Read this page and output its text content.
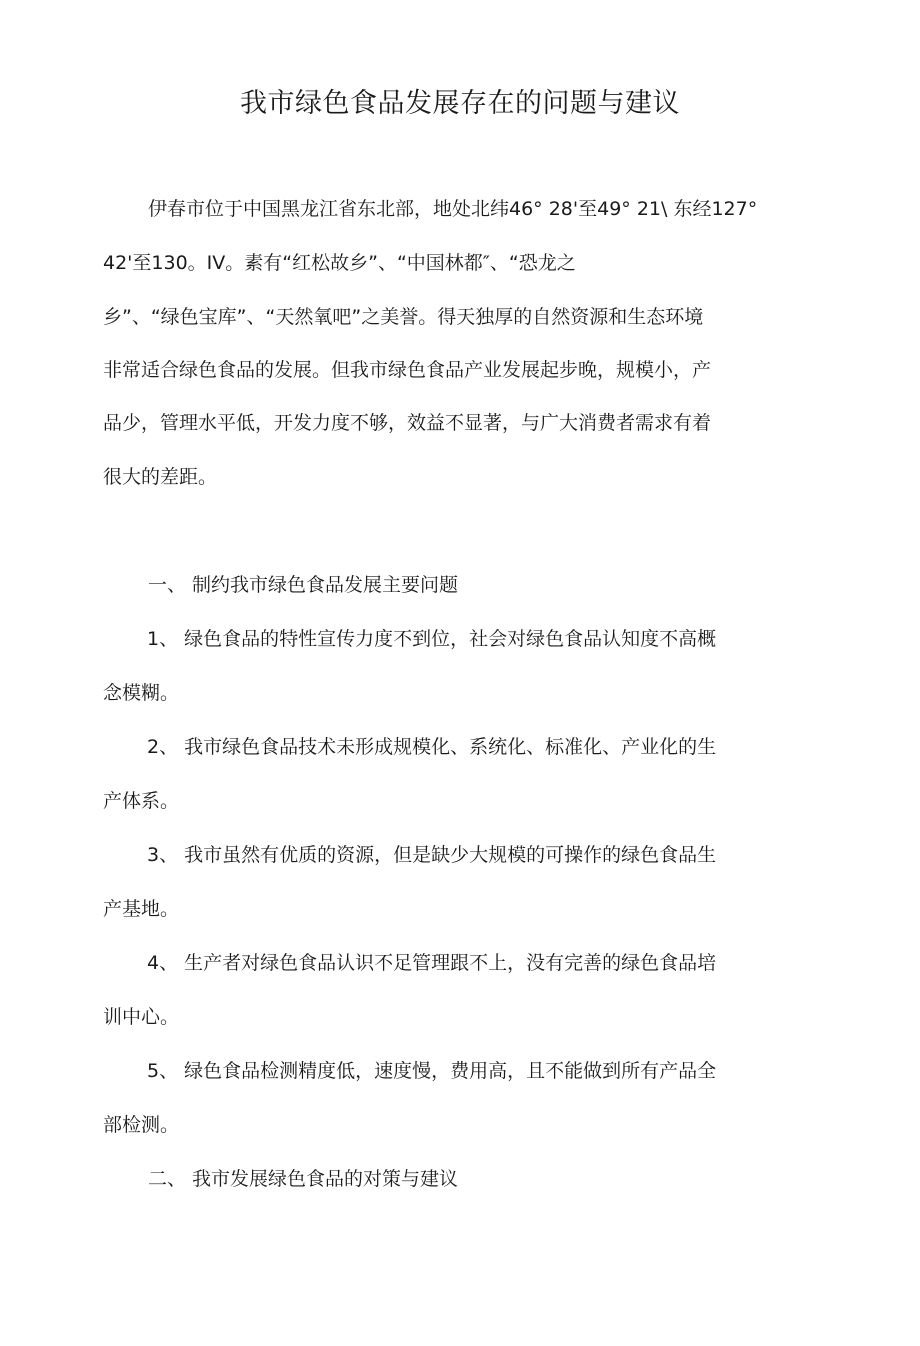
我市绿色食品发展存在的问题与建议
伊春市位于中国黑龙江省东北部，地处北纬46° 28'至49° 21\ 东经127°
42'至130。IV。素有“红松故乡”、“中国林都″、“恐龙之
乡”、“绿色宝库”、“天然氧吧”之美誉。得天独厚的自然资源和生态环境
非常适合绿色食品的发展。但我市绿色食品产业发展起步晚，规模小，产
品少，管理水平低，开发力度不够，效益不显著，与广大消费者需求有着
很大的差距。
一、 制约我市绿色食品发展主要问题
1、 绿色食品的特性宣传力度不到位，社会对绿色食品认知度不高概
念模糊。
2、 我市绿色食品技术未形成规模化、系统化、标准化、产业化的生
产体系。
3、 我市虽然有优质的资源，但是缺少大规模的可操作的绿色食品生
产基地。
4、 生产者对绿色食品认识不足管理跟不上，没有完善的绿色食品培
训中心。
5、 绿色食品检测精度低，速度慢，费用高，且不能做到所有产品全
部检测。
二、 我市发展绿色食品的对策与建议
